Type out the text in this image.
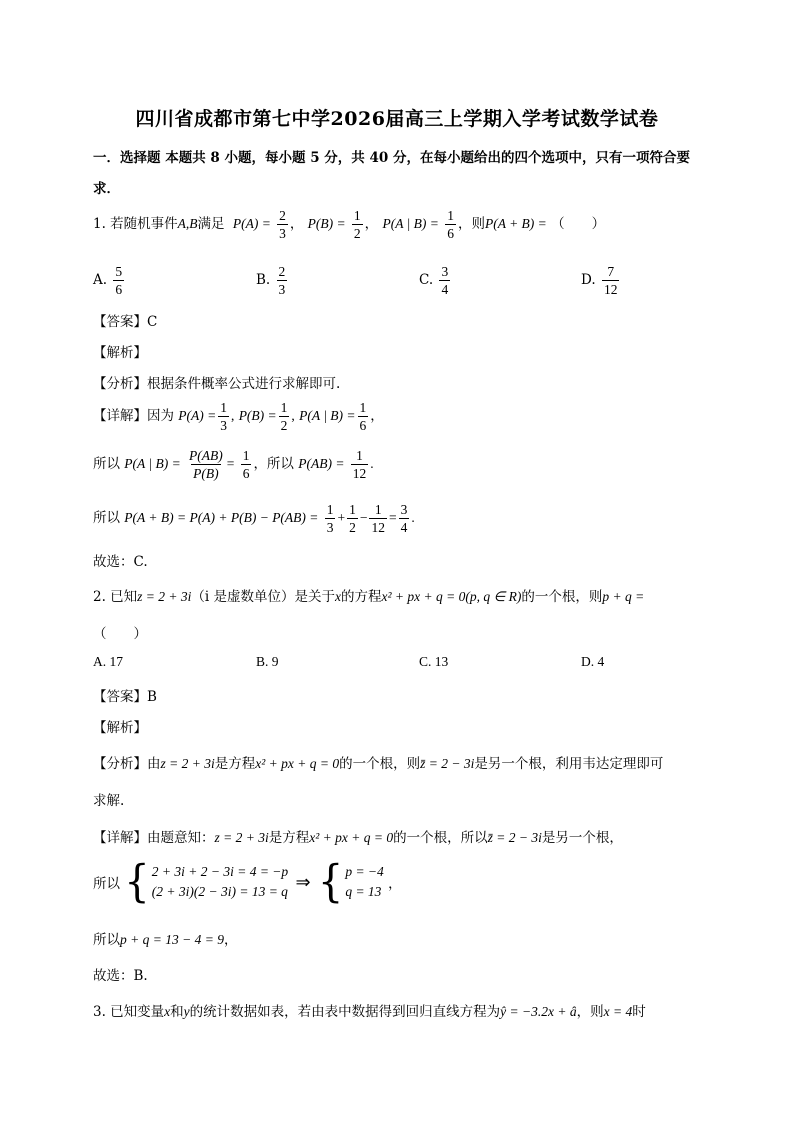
四川省成都市第七中学2026届高三上学期入学考试数学试卷
一．选择题 本题共 8 小题，每小题 5 分，共 40 分，在每小题给出的四个选项中，只有一项符合要
求．
1. 若随机事件A,B满足 $P(A) = \frac{2}{3}$ ， $P(B) = \frac{1}{2}$ ， P(A | $B) = \frac{1}{6}$ ，则P(A + B) = （　　）
A. $\frac{5}{6}$	B. $\frac{2}{3}$	C. $\frac{3}{4}$	D. $\frac{7}{12}$
【答案】C
【解析】
【分析】根据条件概率公式进行求解即可.
【详解】因为 $P(A) = \frac{1}{3}$ , $P(B) = \frac{1}{2}$ , P(A | $B) = \frac{1}{6}$ ，
所以 P(A | $B) = \frac{P(AB)}{P(B)} = \frac{1}{6}$ ，所以 $P(AB) = \frac{1}{12}$ .
所以 $P(A + B) = P(A) + P(B) - P(AB) = \frac{1}{3} + \frac{1}{2} - \frac{1}{12} = \frac{3}{4}$ .
故选：C.
2. 已知z = 2 + 3i（i 是虚数单位）是关于x的方程x² + px + q = 0(p, q ∈ R)的一个根，则p + q =
（　　）
A. 17	B. 9	C. 13	D. 4
【答案】B
【解析】
【分析】由z = 2 + 3i是方程x² + px + q = 0的一个根，则z̄ = 2 − 3i是另一个根，利用韦达定理即可
求解.
【详解】由题意知：z = 2 + 3i是方程x² + px + q = 0的一个根，所以z̄ = 2 − 3i是另一个根，
所以 { 2 + 3i + 2 − 3i = 4 = −p
(2 + 3i)(2 − 3i) = 13 = q ⇒ { p = −4
q = 13 ，
所以p + q = 13 − 4 = 9，
故选：B.
3. 已知变量x和y的统计数据如表，若由表中数据得到回归直线方程为ŷ = −3.2x + â，则x = 4时
